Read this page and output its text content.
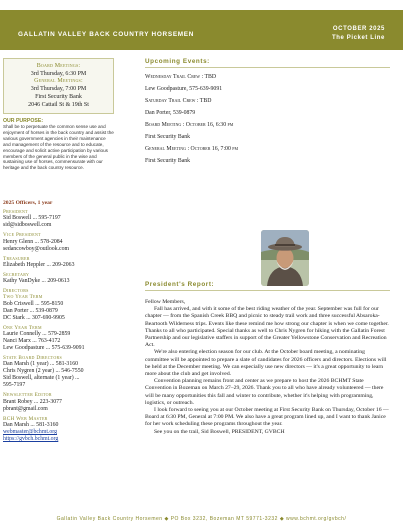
GALLATIN VALLEY BACK COUNTRY HORSEMEN
OCTOBER 2025
The Picket Line
Board Meetings:
3rd Thursday, 6:30 PM
General Meetings:
3rd Thursday, 7:00 PM
First Security Bank
2046 Cattail St & 19th St
OUR PURPOSE:
Shall be to perpetuate the common sense use and enjoyment of horses in the back country and assist the various government agencies in their maintenance and management of the resource and to educate, encourage and solicit active participation by various members of the general public in the wise and sustaining use of horses, commensurate with our heritage and the back country resource.
2025 Officers, 1 year
President
Sid Boswell ... 595-7197
sid@sidboswell.com
Vice President
Henry Glenn ... 578-2084
sedancowboy@outlook.com
Treasurer
Elizabeth Heppler ... 209-2063
Secretary
Kathy VanDyke ... 209-0613
Directors
Two Year Term
Bob Criswell ... 595-8150
Dan Porter ... 539-0879
DC Stark ... 307-690-9905
One Year Term
Laurie Connelly ... 579-2859
Nanci Marx ... 763-4172
Lew Goodpasture ... 575-639-9091
State Board Directors
Dan Marsh (1 year) ... 581-3160
Chris Nygren (2 year) ... 546-7550
Sid Boswell, alternate (1 year) ...
595-7197
Newsletter Editor
Brant Robey ... 223-3077
pbrant@gmail.com
BCH Web Master
Dan Marsh ... 581-3160
webmaster@bchmt.org
https://gvbch.bchmt.org
Upcoming Events:
Wednesday Trail Crew : TBD
Lew Goodpasture, 575-639-9091
Saturday Trail Crew : TBD
Dan Porter, 539-0879
Board Meeting : October 16, 6:30 pm
First Security Bank
General Meeting : October 16, 7:00 pm
First Security Bank
President's Report:

Fellow Members,

Fall has arrived, and with it some of the best riding weather of the year. September was full for our chapter — from the Spanish Creek BBQ and picnic to steady trail work and three successful Absaroka-Beartooth Wilderness trips. Events like these remind me how strong our chapter is when we come together. Thanks to all who participated. Special thanks as well to Chris Nygren for hiking with the Gallatin Forest Partnership and our legislative staffers in support of the Greater Yellowstone Conservation and Recreation Act.

We're also entering election season for our club. At the October board meeting, a nominating committee will be appointed to prepare a slate of candidates for 2026 officers and directors. Elections will be held at the December meeting. We can especially use new directors — it's a great opportunity to learn more about the club and get involved.

Convention planning remains front and center as we prepare to host the 2026 BCHMT State Convention in Bozeman on March 27–29, 2026. Thank you to all who have already volunteered — there will be many opportunities this fall and winter to contribute, whether it's helping with programming, logistics, or outreach.

I look forward to seeing you at our October meeting at First Security Bank on Thursday, October 16 — Board at 6:30 PM, General at 7:00 PM. We also have a great program lined up, and I want to thank Janice for her work scheduling these programs throughout the year.

See you on the trail, Sid Boswell, PRESIDENT, GVBCH

Gallatin Valley Back Country Horsemen ◆ PO Box 3232, Bozeman MT 59771-3232 ◆ www.bchmt.org/gvbch/
